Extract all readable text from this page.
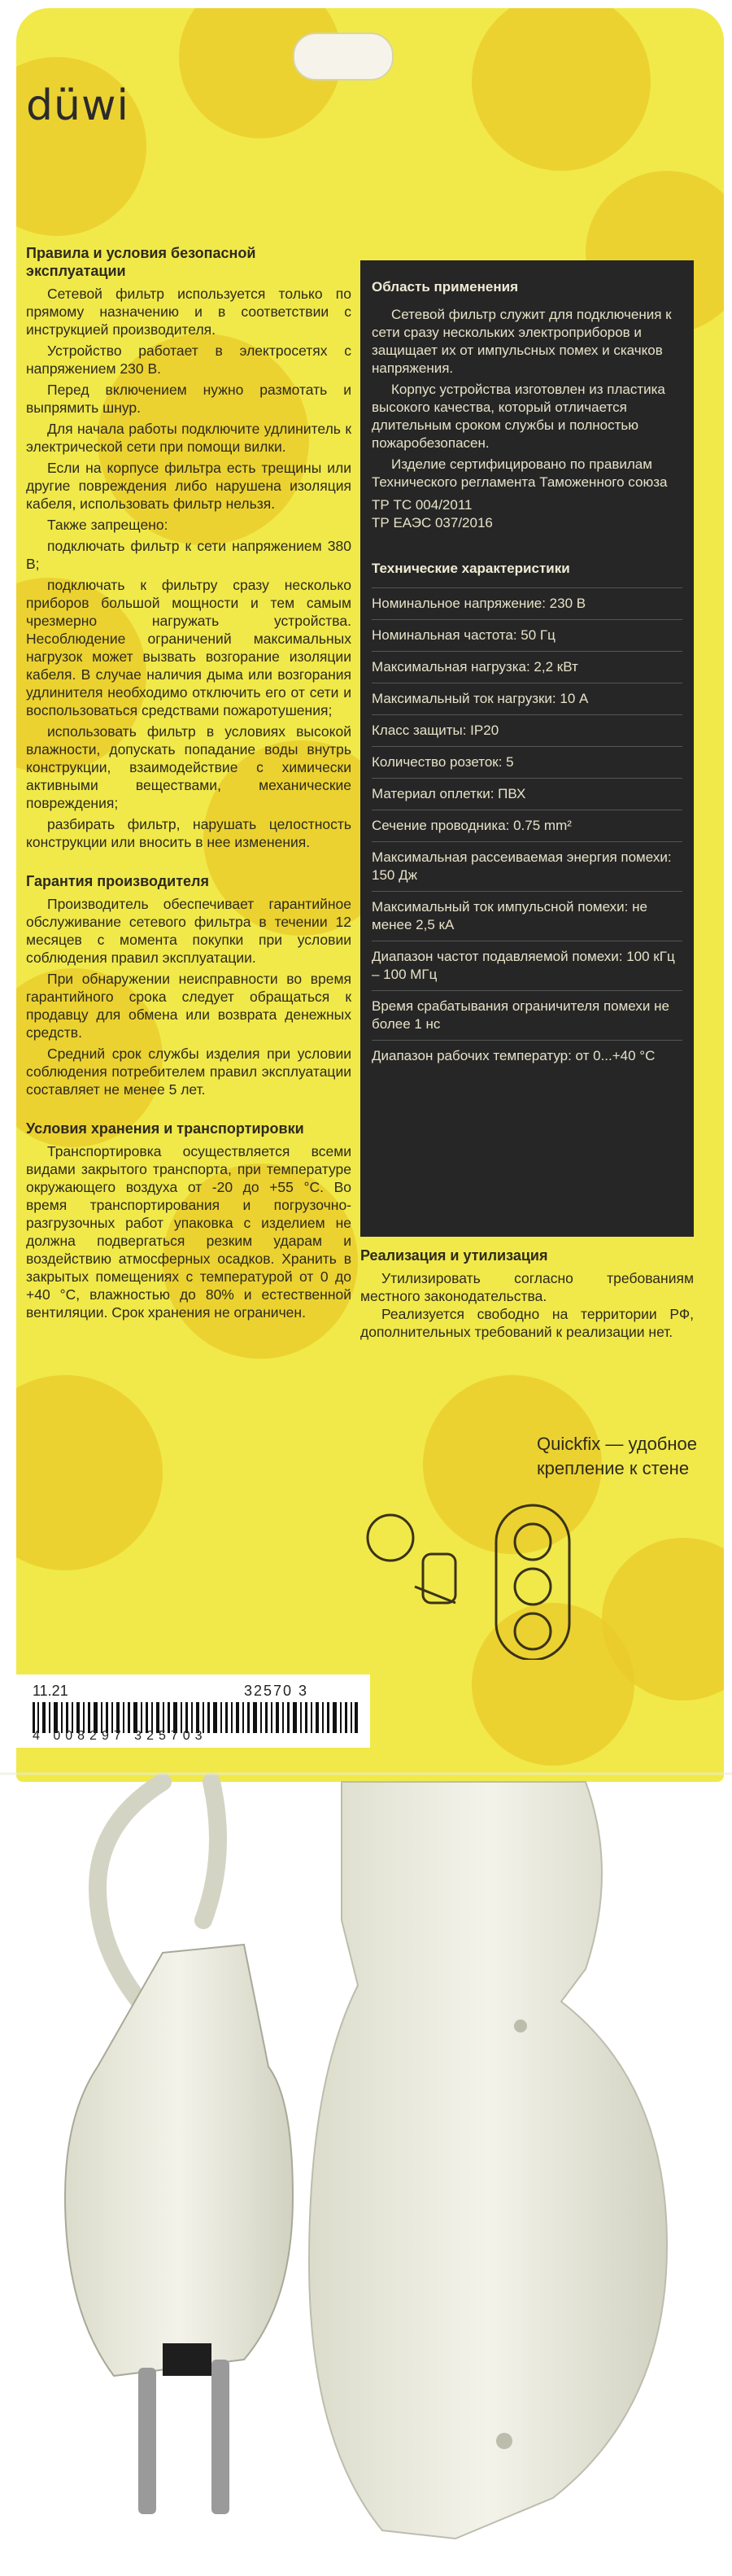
düwi
Правила и условия безопасной эксплуатации

Сетевой фильтр используется только по прямому назначению и в соответствии с инструкцией производителя.

Устройство работает в электросетях с напряжением 230 В.

Перед включением нужно размотать и выпрямить шнур.

Для начала работы подключите удлинитель к электрической сети при помощи вилки.

Если на корпусе фильтра есть трещины или другие повреждения либо нарушена изоляция кабеля, использовать фильтр нельзя.

Также запрещено:

подключать фильтр к сети напряжением 380 В;

подключать к фильтру сразу несколько приборов большой мощности и тем самым чрезмерно нагружать устройства. Несоблюдение ограничений максимальных нагрузок может вызвать возгорание изоляции кабеля. В случае наличия дыма или возгорания удлинителя необходимо отключить его от сети и воспользоваться средствами пожаротушения;

использовать фильтр в условиях высокой влажности, допускать попадание воды внутрь конструкции, взаимодействие с химически активными веществами, механические повреждения;

разбирать фильтр, нарушать целостность конструкции или вносить в нее изменения.

Гарантия производителя

Производитель обеспечивает гарантийное обслуживание сетевого фильтра в течении 12 месяцев с момента покупки при условии соблюдения правил эксплуатации.

При обнаружении неисправности во время гарантийного срока следует обращаться к продавцу для обмена или возврата денежных средств.

Средний срок службы изделия при условии соблюдения потребителем правил эксплуатации составляет не менее 5 лет.

Условия хранения и транспортировки

Транспортировка осуществляется всеми видами закрытого транспорта, при температуре окружающего воздуха от -20 до +55 °С. Во время транспортирования и погрузочно-разгрузочных работ упаковка с изделием не должна подвергаться резким ударам и воздействию атмосферных осадков. Хранить в закрытых помещениях с температурой от 0 до +40 °С, влажностью до 80% и естественной вентиляции. Срок хранения не ограничен.

Область применения

Сетевой фильтр служит для подключения к сети сразу нескольких электроприборов и защищает их от импульсных помех и скачков напряжения.

Корпус устройства изготовлен из пластика высокого качества, который отличается длительным сроком службы и полностью пожаробезопасен.

Изделие сертифицировано по правилам Технического регламента Таможенного союза

ТР ТС 004/2011
ТР ЕАЭС 037/2016
Технические характеристики
Номинальное напряжение: 230 В
Номинальная частота: 50 Гц
Максимальная нагрузка: 2,2 кВт
Максимальный ток нагрузки: 10 А
Класс защиты: IP20
Количество розеток: 5
Материал оплетки: ПВХ
Сечение проводника: 0.75 mm²
Максимальная рассеиваемая энергия помехи: 150 Дж
Максимальный ток импульсной помехи: не менее 2,5 кА
Диапазон частот подавляемой помехи: 100 кГц – 100 МГц
Время срабатывания ограничителя помехи не более 1 нс
Диапазон рабочих температур: от 0...+40 °С
Реализация и утилизация

Утилизировать согласно требованиям местного законодательства.

Реализуется свободно на территории РФ, дополнительных требований к реализации нет.

Quickfix — удобное крепление к стене
11.21	32570 3
4 008297 325703
